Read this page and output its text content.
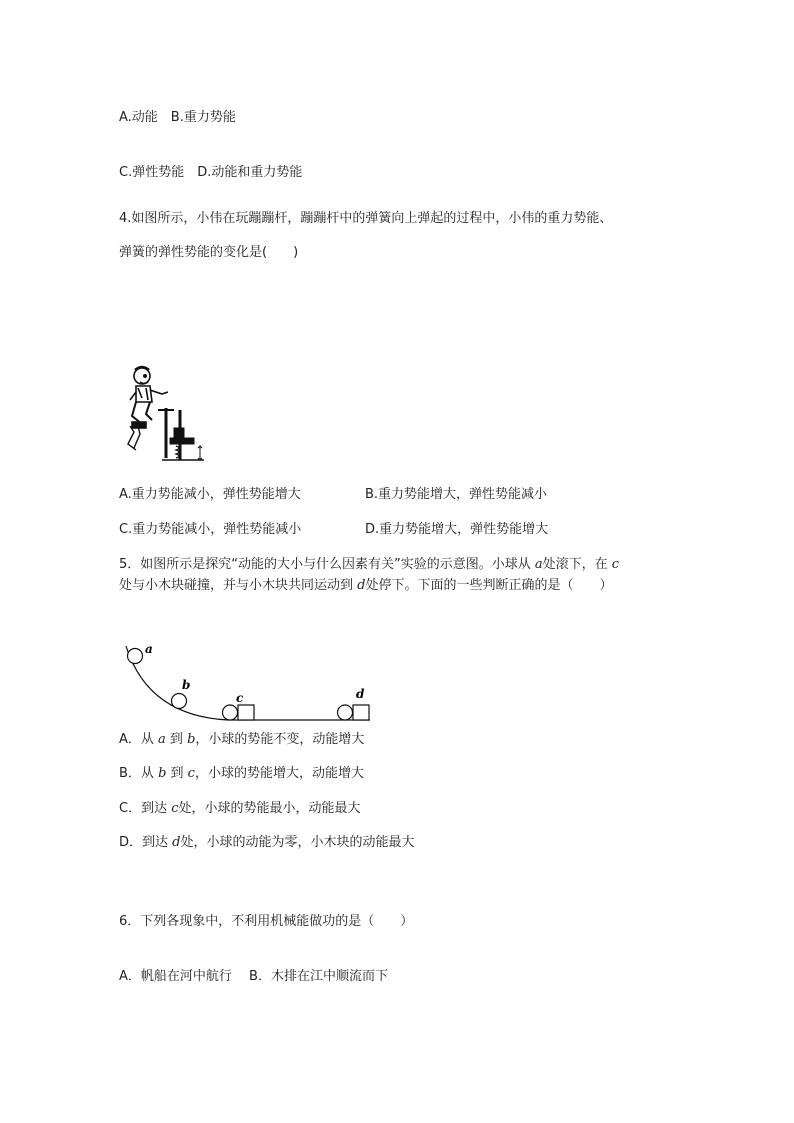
A.动能　B.重力势能
C.弹性势能　D.动能和重力势能
4.如图所示，小伟在玩蹦蹦杆，蹦蹦杆中的弹簧向上弹起的过程中，小伟的重力势能、
弹簧的弹性势能的变化是(　　)
A.重力势能减小，弹性势能增大	B.重力势能增大，弹性势能减小
C.重力势能减小，弹性势能减小	D.重力势能增大，弹性势能增大
5．如图所示是探究“动能的大小与什么因素有关”实验的示意图。小球从 a处滚下，在 c
处与小木块碰撞，并与小木块共同运动到 d处停下。下面的一些判断正确的是（　　）
a
b
c	d
A．从 a 到 b，小球的势能不变，动能增大
B．从 b 到 c，小球的势能增大，动能增大
C．到达 c处，小球的势能最小，动能最大
D．到达 d处，小球的动能为零，小木块的动能最大
6．下列各现象中，不利用机械能做功的是（　　）
A．帆船在河中航行　 B．木排在江中顺流而下
